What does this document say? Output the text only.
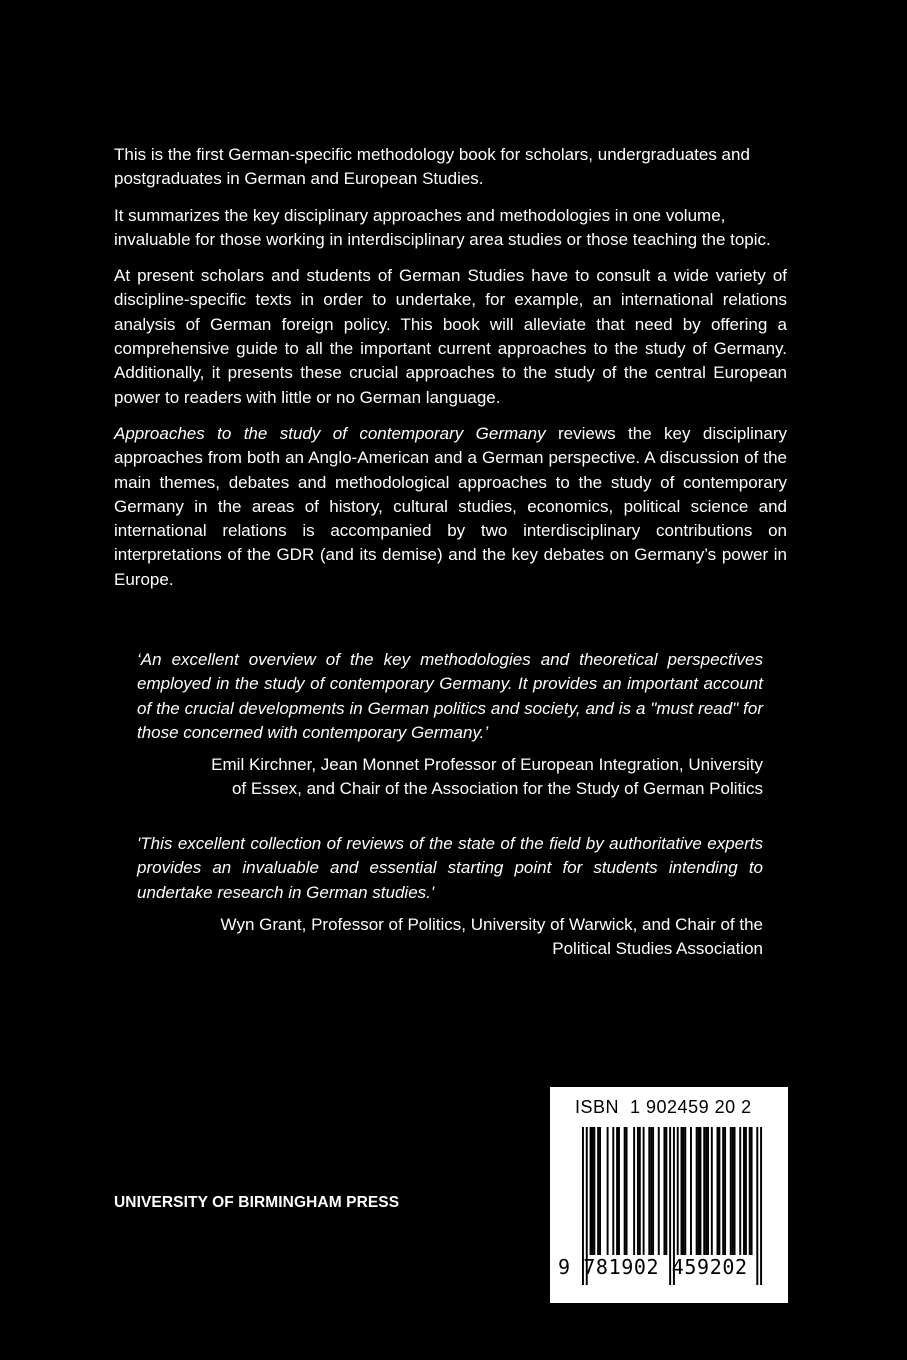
This is the first German-specific methodology book for scholars, undergraduates and postgraduates in German and European Studies.

It summarizes the key disciplinary approaches and methodologies in one volume, invaluable for those working in interdisciplinary area studies or those teaching the topic.

At present scholars and students of German Studies have to consult a wide variety of discipline-specific texts in order to undertake, for example, an international relations analysis of German foreign policy. This book will alleviate that need by offering a comprehensive guide to all the important current approaches to the study of Germany. Additionally, it presents these crucial approaches to the study of the central European power to readers with little or no German language.

Approaches to the study of contemporary Germany reviews the key disciplinary approaches from both an Anglo-American and a German perspective. A discussion of the main themes, debates and methodological approaches to the study of contemporary Germany in the areas of history, cultural studies, economics, political science and international relations is accompanied by two interdisciplinary contributions on interpretations of the GDR (and its demise) and the key debates on Germany’s power in Europe.

‘An excellent overview of the key methodologies and theoretical perspectives employed in the study of contemporary Germany. It provides an important account of the crucial developments in German politics and society, and is a "must read" for those concerned with contemporary Germany.’

Emil Kirchner, Jean Monnet Professor of European Integration, University
of Essex, and Chair of the Association for the Study of German Politics

'This excellent collection of reviews of the state of the field by authoritative experts provides an invaluable and essential starting point for students intending to undertake research in German studies.'

Wyn Grant, Professor of Politics, University of Warwick, and Chair of the
Political Studies Association

UNIVERSITY OF BIRMINGHAM PRESS
ISBN  1 902459 20 2
9 781902 459202
